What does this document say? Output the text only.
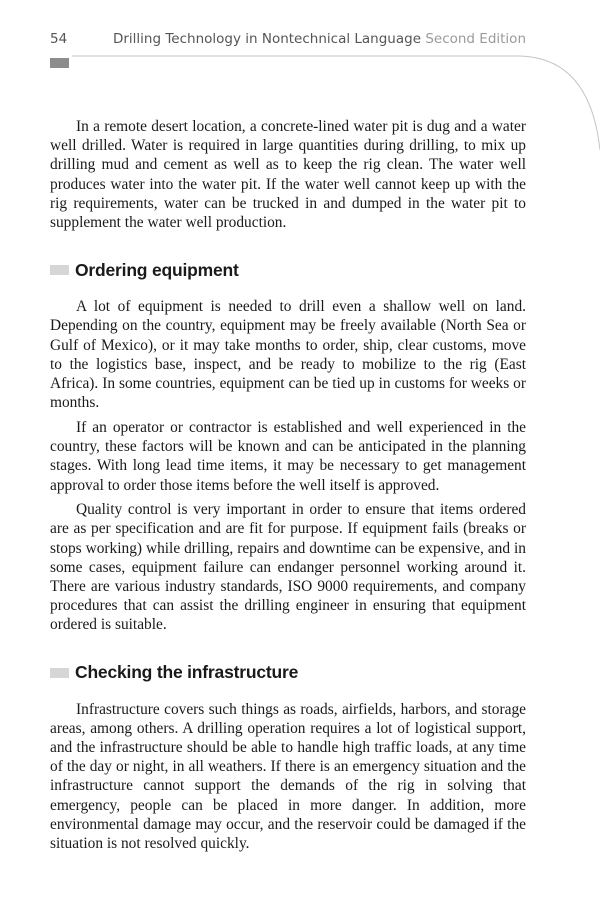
54	Drilling Technology in Nontechnical Language Second Edition

In a remote desert location, a concrete-lined water pit is dug and a water well drilled. Water is required in large quantities during drilling, to mix up drilling mud and cement as well as to keep the rig clean. The water well produces water into the water pit. If the water well cannot keep up with the rig requirements, water can be trucked in and dumped in the water pit to supplement the water well production.

Ordering equipment

A lot of equipment is needed to drill even a shallow well on land. Depending on the country, equipment may be freely available (North Sea or Gulf of Mexico), or it may take months to order, ship, clear customs, move to the logistics base, inspect, and be ready to mobilize to the rig (East Africa). In some countries, equipment can be tied up in customs for weeks or months.

If an operator or contractor is established and well experienced in the country, these factors will be known and can be anticipated in the planning stages. With long lead time items, it may be necessary to get management approval to order those items before the well itself is approved.

Quality control is very important in order to ensure that items ordered are as per specification and are fit for purpose. If equipment fails (breaks or stops working) while drilling, repairs and downtime can be expensive, and in some cases, equipment failure can endanger personnel working around it. There are various industry standards, ISO 9000 requirements, and company procedures that can assist the drilling engineer in ensuring that equipment ordered is suitable.

Checking the infrastructure

Infrastructure covers such things as roads, airfields, harbors, and storage areas, among others. A drilling operation requires a lot of logistical support, and the infrastructure should be able to handle high traffic loads, at any time of the day or night, in all weathers. If there is an emergency situation and the infrastructure cannot support the demands of the rig in solving that emergency, people can be placed in more danger. In addition, more environmental damage may occur, and the reservoir could be damaged if the situation is not resolved quickly.
